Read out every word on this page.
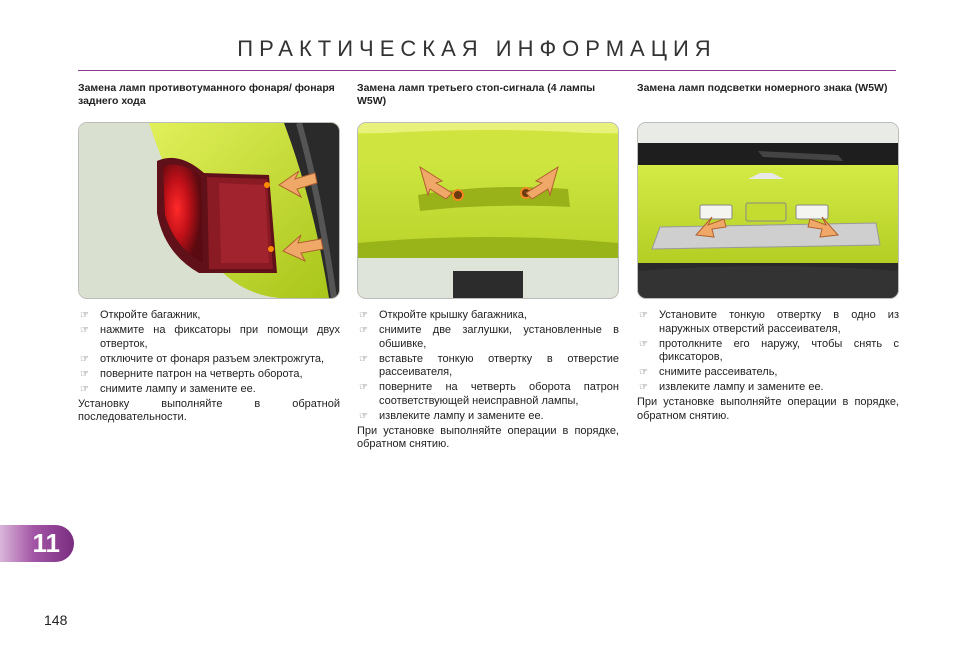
ПРАКТИЧЕСКАЯ ИНФОРМАЦИЯ
Замена ламп противотуманного фонаря/ фонаря заднего хода
☞ Откройте багажник,
☞ нажмите на фиксаторы при помощи двух отверток,
☞ отключите от фонаря разъем электрожгута,
☞ поверните патрон на четверть оборота,
☞ снимите лампу и замените ее.

Установку выполняйте в обратной последовательности.

Замена ламп третьего стоп-сигнала (4 лампы W5W)
☞ Откройте крышку багажника,
☞ снимите две заглушки, установленные в обшивке,
☞ вставьте тонкую отвертку в отверстие рассеивателя,
☞ поверните на четверть оборота патрон соответствующей неисправной лампы,
☞ извлеките лампу и замените ее.

При установке выполняйте операции в порядке, обратном снятию.

Замена ламп подсветки номерного знака (W5W)
☞ Установите тонкую отвертку в одно из наружных отверстий рассеивателя,
☞ протолкните его наружу, чтобы снять с фиксаторов,
☞ снимите рассеиватель,
☞ извлеките лампу и замените ее.

При установке выполняйте операции в порядке, обратном снятию.

11
148
